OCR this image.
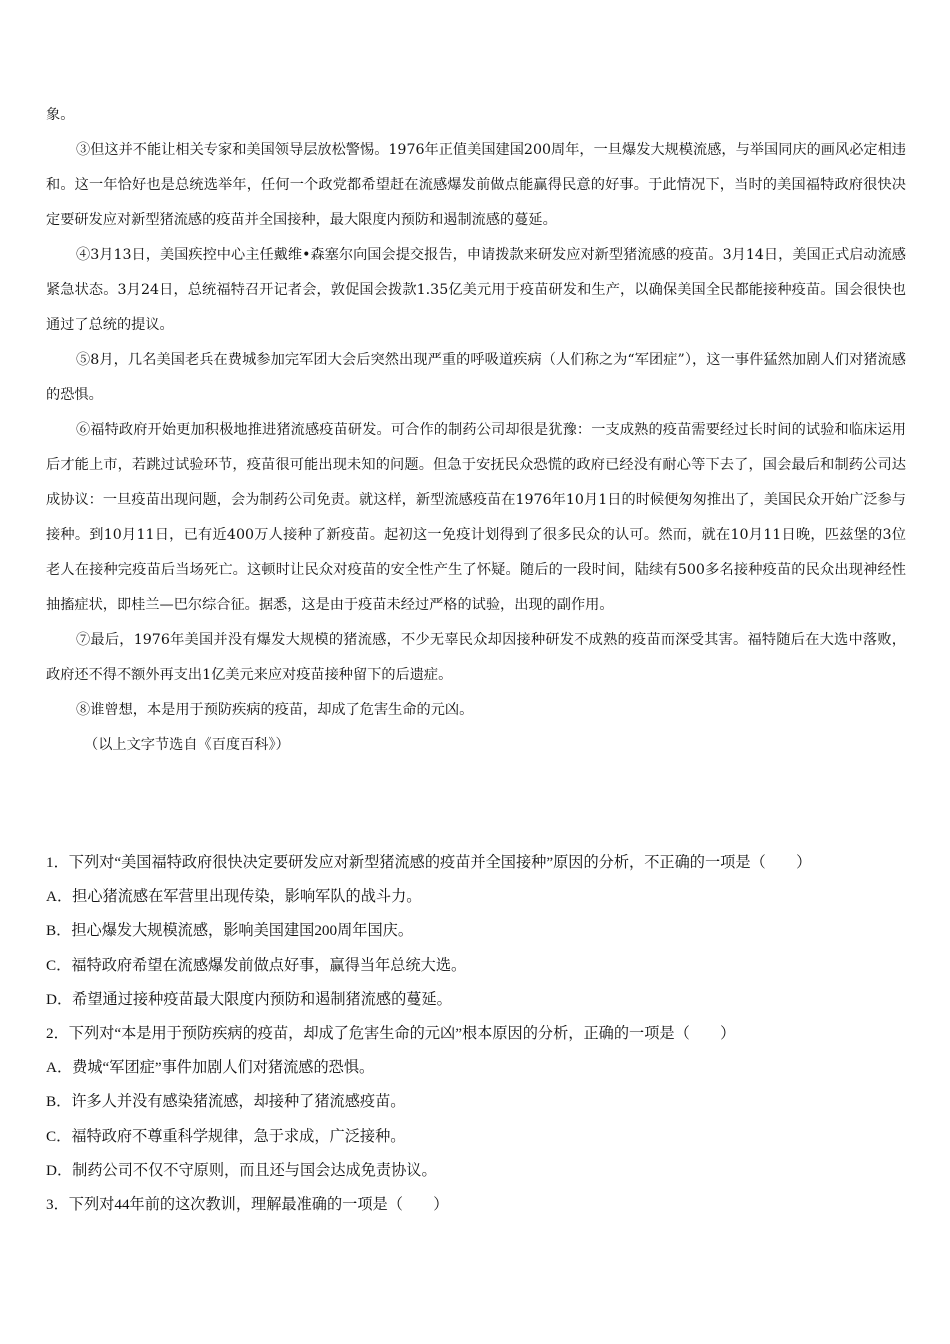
象。

③但这并不能让相关专家和美国领导层放松警惕。1976年正值美国建国200周年，一旦爆发大规模流感，与举国同庆的画风必定相违和。这一年恰好也是总统选举年，任何一个政党都希望赶在流感爆发前做点能赢得民意的好事。于此情况下，当时的美国福特政府很快决定要研发应对新型猪流感的疫苗并全国接种，最大限度内预防和遏制流感的蔓延。

④3月13日，美国疾控中心主任戴维•森塞尔向国会提交报告，申请拨款来研发应对新型猪流感的疫苗。3月14日，美国正式启动流感紧急状态。3月24日，总统福特召开记者会，敦促国会拨款1.35亿美元用于疫苗研发和生产，以确保美国全民都能接种疫苗。国会很快也通过了总统的提议。

⑤8月，几名美国老兵在费城参加完军团大会后突然出现严重的呼吸道疾病（人们称之为“军团症”），这一事件猛然加剧人们对猪流感的恐惧。

⑥福特政府开始更加积极地推进猪流感疫苗研发。可合作的制药公司却很是犹豫：一支成熟的疫苗需要经过长时间的试验和临床运用后才能上市，若跳过试验环节，疫苗很可能出现未知的问题。但急于安抚民众恐慌的政府已经没有耐心等下去了，国会最后和制药公司达成协议：一旦疫苗出现问题，会为制药公司免责。就这样，新型流感疫苗在1976年10月1日的时候便匆匆推出了，美国民众开始广泛参与接种。到10月11日，已有近400万人接种了新疫苗。起初这一免疫计划得到了很多民众的认可。然而，就在10月11日晚，匹兹堡的3位老人在接种完疫苗后当场死亡。这顿时让民众对疫苗的安全性产生了怀疑。随后的一段时间，陆续有500多名接种疫苗的民众出现神经性抽搐症状，即桂兰—巴尔综合征。据悉，这是由于疫苗未经过严格的试验，出现的副作用。

⑦最后，1976年美国并没有爆发大规模的猪流感，不少无辜民众却因接种研发不成熟的疫苗而深受其害。福特随后在大选中落败，政府还不得不额外再支出1亿美元来应对疫苗接种留下的后遗症。

⑧谁曾想，本是用于预防疾病的疫苗，却成了危害生命的元凶。

（以上文字节选自《百度百科》）

1．下列对“美国福特政府很快决定要研发应对新型猪流感的疫苗并全国接种”原因的分析，不正确的一项是（　　）

A．担心猪流感在军营里出现传染，影响军队的战斗力。

B．担心爆发大规模流感，影响美国建国200周年国庆。

C．福特政府希望在流感爆发前做点好事，赢得当年总统大选。

D．希望通过接种疫苗最大限度内预防和遏制猪流感的蔓延。

2．下列对“本是用于预防疾病的疫苗，却成了危害生命的元凶”根本原因的分析，正确的一项是（　　）

A．费城“军团症”事件加剧人们对猪流感的恐惧。

B．许多人并没有感染猪流感，却接种了猪流感疫苗。

C．福特政府不尊重科学规律，急于求成，广泛接种。

D．制药公司不仅不守原则，而且还与国会达成免责协议。

3．下列对44年前的这次教训，理解最准确的一项是（　　）
